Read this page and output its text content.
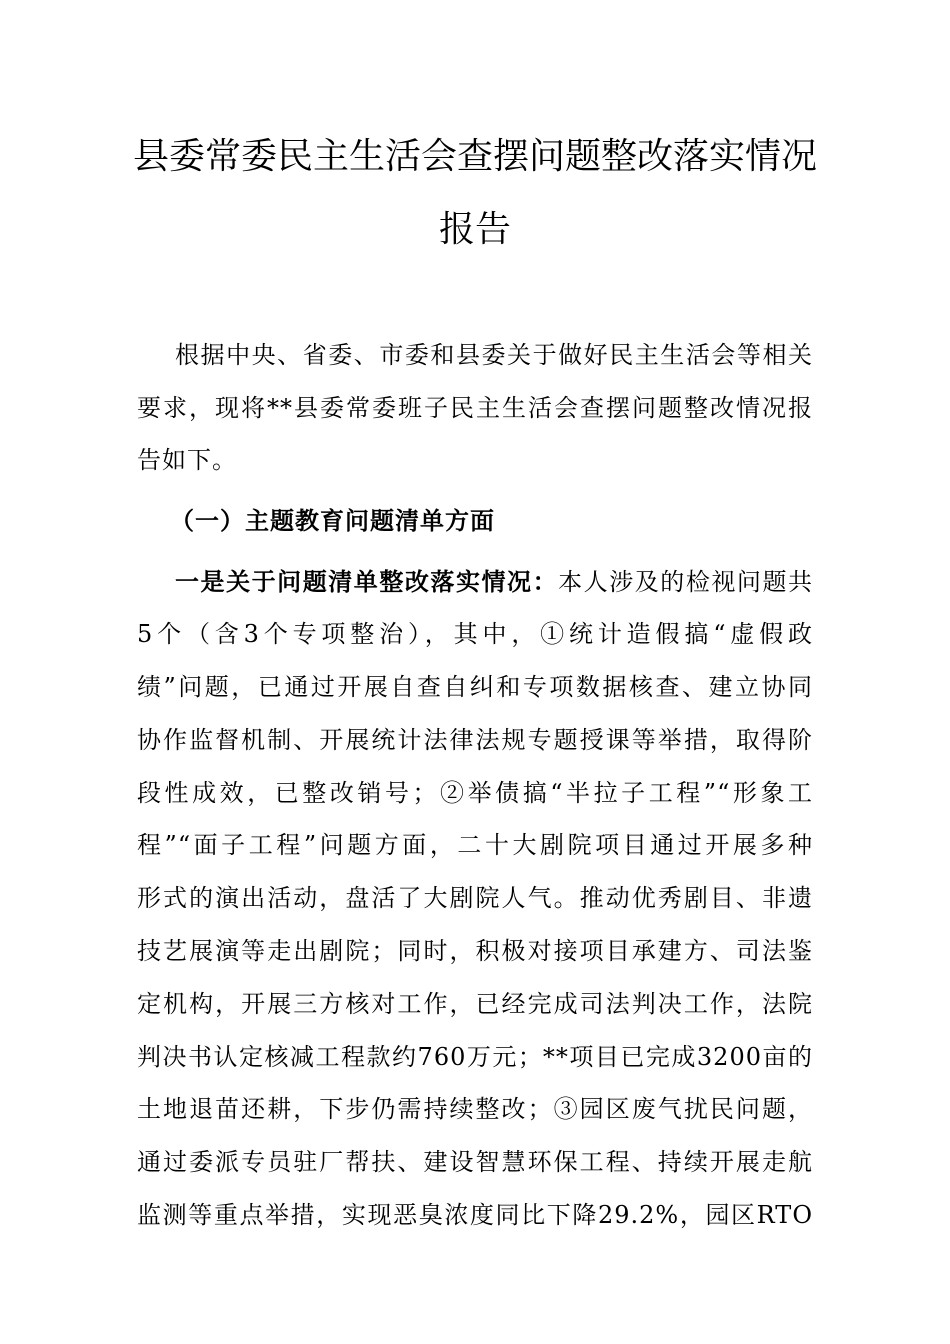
县委常委民主生活会查摆问题整改落实情况
报告
根据中央、省委、市委和县委关于做好民主生活会等相关
要求，现将**县委常委班子民主生活会查摆问题整改情况报
告如下。
（一）主题教育问题清单方面
一是关于问题清单整改落实情况：本人涉及的检视问题共
5个（含3个专项整治），其中，①统计造假搞“虚假政
绩”问题，已通过开展自查自纠和专项数据核查、建立协同
协作监督机制、开展统计法律法规专题授课等举措，取得阶
段性成效，已整改销号；②举债搞“半拉子工程”“形象工
程”“面子工程”问题方面，二十大剧院项目通过开展多种
形式的演出活动，盘活了大剧院人气。推动优秀剧目、非遗
技艺展演等走出剧院；同时，积极对接项目承建方、司法鉴
定机构，开展三方核对工作，已经完成司法判决工作，法院
判决书认定核减工程款约760万元；**项目已完成3200亩的
土地退苗还耕，下步仍需持续整改；③园区废气扰民问题，
通过委派专员驻厂帮扶、建设智慧环保工程、持续开展走航
监测等重点举措，实现恶臭浓度同比下降29.2%，园区RTO
